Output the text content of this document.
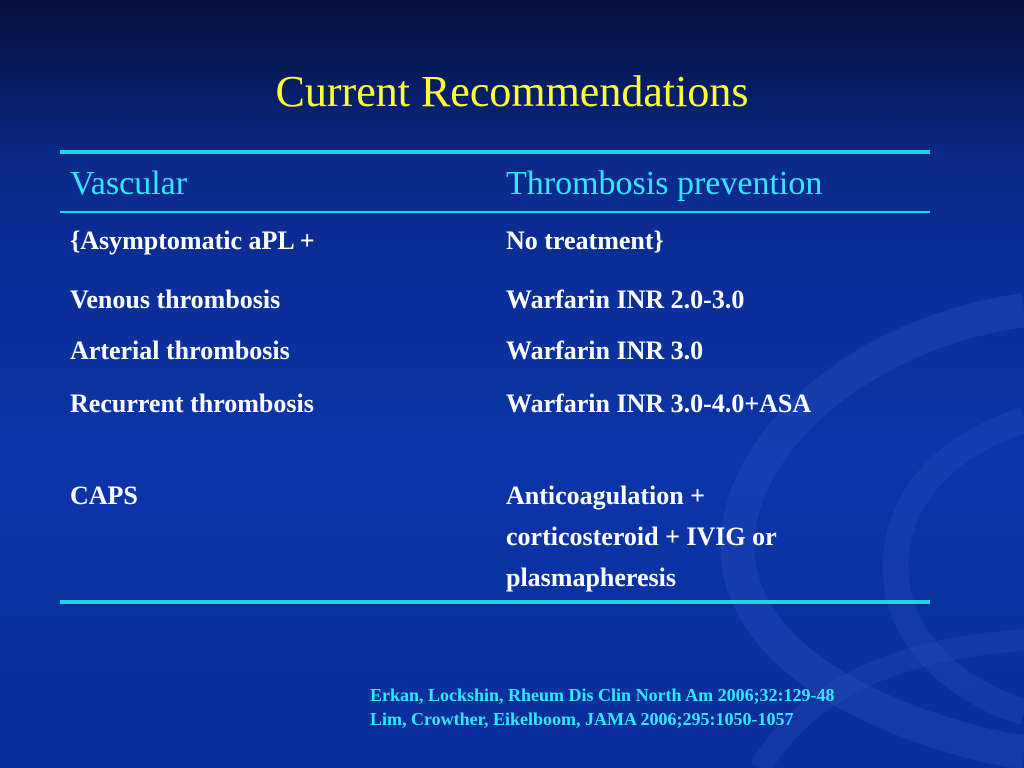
Current Recommendations
Vascular	Thrombosis prevention
{Asymptomatic aPL +	No treatment}
Venous thrombosis	Warfarin INR 2.0-3.0
Arterial thrombosis	Warfarin INR 3.0
Recurrent thrombosis	Warfarin INR 3.0-4.0+ASA
CAPS	Anticoagulation +
corticosteroid + IVIG or
plasmapheresis
Erkan, Lockshin, Rheum Dis Clin North Am 2006;32:129-48
Lim, Crowther, Eikelboom, JAMA 2006;295:1050-1057
